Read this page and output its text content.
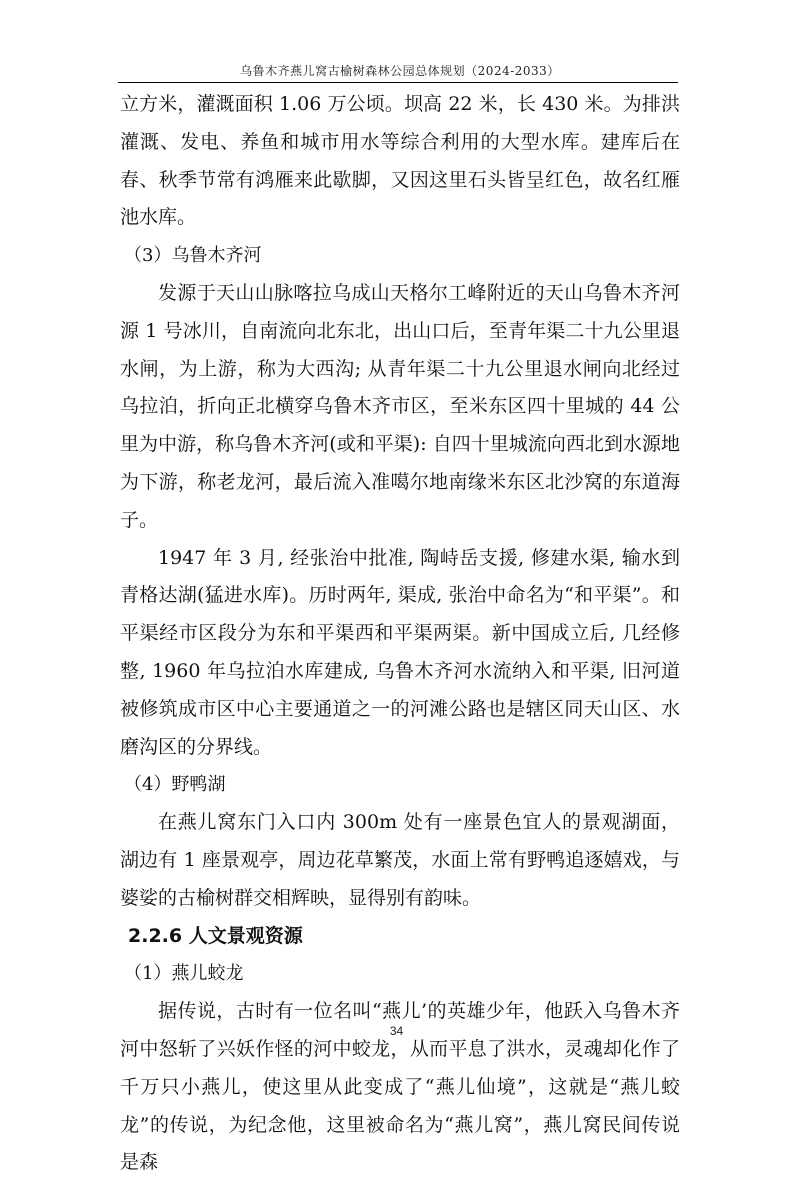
乌鲁木齐燕儿窝古榆树森林公园总体规划（2024-2033）

立方米，灌溉面积 1.06 万公顷。坝高 22 米，长 430 米。为排洪灌溉、发电、养鱼和城市用水等综合利用的大型水库。建库后在春、秋季节常有鸿雁来此歇脚，又因这里石头皆呈红色，故名红雁池水库。

（3）乌鲁木齐河

发源于天山山脉喀拉乌成山天格尔工峰附近的天山乌鲁木齐河源 1 号冰川，自南流向北东北，出山口后，至青年渠二十九公里退水闸，为上游，称为大西沟; 从青年渠二十九公里退水闸向北经过乌拉泊，折向正北横穿乌鲁木齐市区，至米东区四十里城的 44 公里为中游，称乌鲁木齐河(或和平渠): 自四十里城流向西北到水源地为下游，称老龙河，最后流入准噶尔地南缘米东区北沙窝的东道海子。

1947 年 3 月, 经张治中批准, 陶峙岳支援, 修建水渠, 输水到青格达湖(猛进水库)。历时两年, 渠成, 张治中命名为“和平渠”。和平渠经市区段分为东和平渠西和平渠两渠。新中国成立后, 几经修整, 1960 年乌拉泊水库建成, 乌鲁木齐河水流纳入和平渠, 旧河道被修筑成市区中心主要通道之一的河滩公路也是辖区同天山区、水磨沟区的分界线。

（4）野鸭湖

在燕儿窝东门入口内 300m 处有一座景色宜人的景观湖面，湖边有 1 座景观亭，周边花草繁茂，水面上常有野鸭追逐嬉戏，与婆娑的古榆树群交相辉映，显得别有韵味。

2.2.6 人文景观资源

（1）燕儿蛟龙

据传说，古时有一位名叫“燕儿’的英雄少年，他跃入乌鲁木齐河中怒斩了兴妖作怪的河中蛟龙，从而平息了洪水，灵魂却化作了千万只小燕儿，使这里从此变成了“燕儿仙境”，这就是“燕儿蛟龙”的传说，为纪念他，这里被命名为“燕儿窝”，燕儿窝民间传说是森

34
